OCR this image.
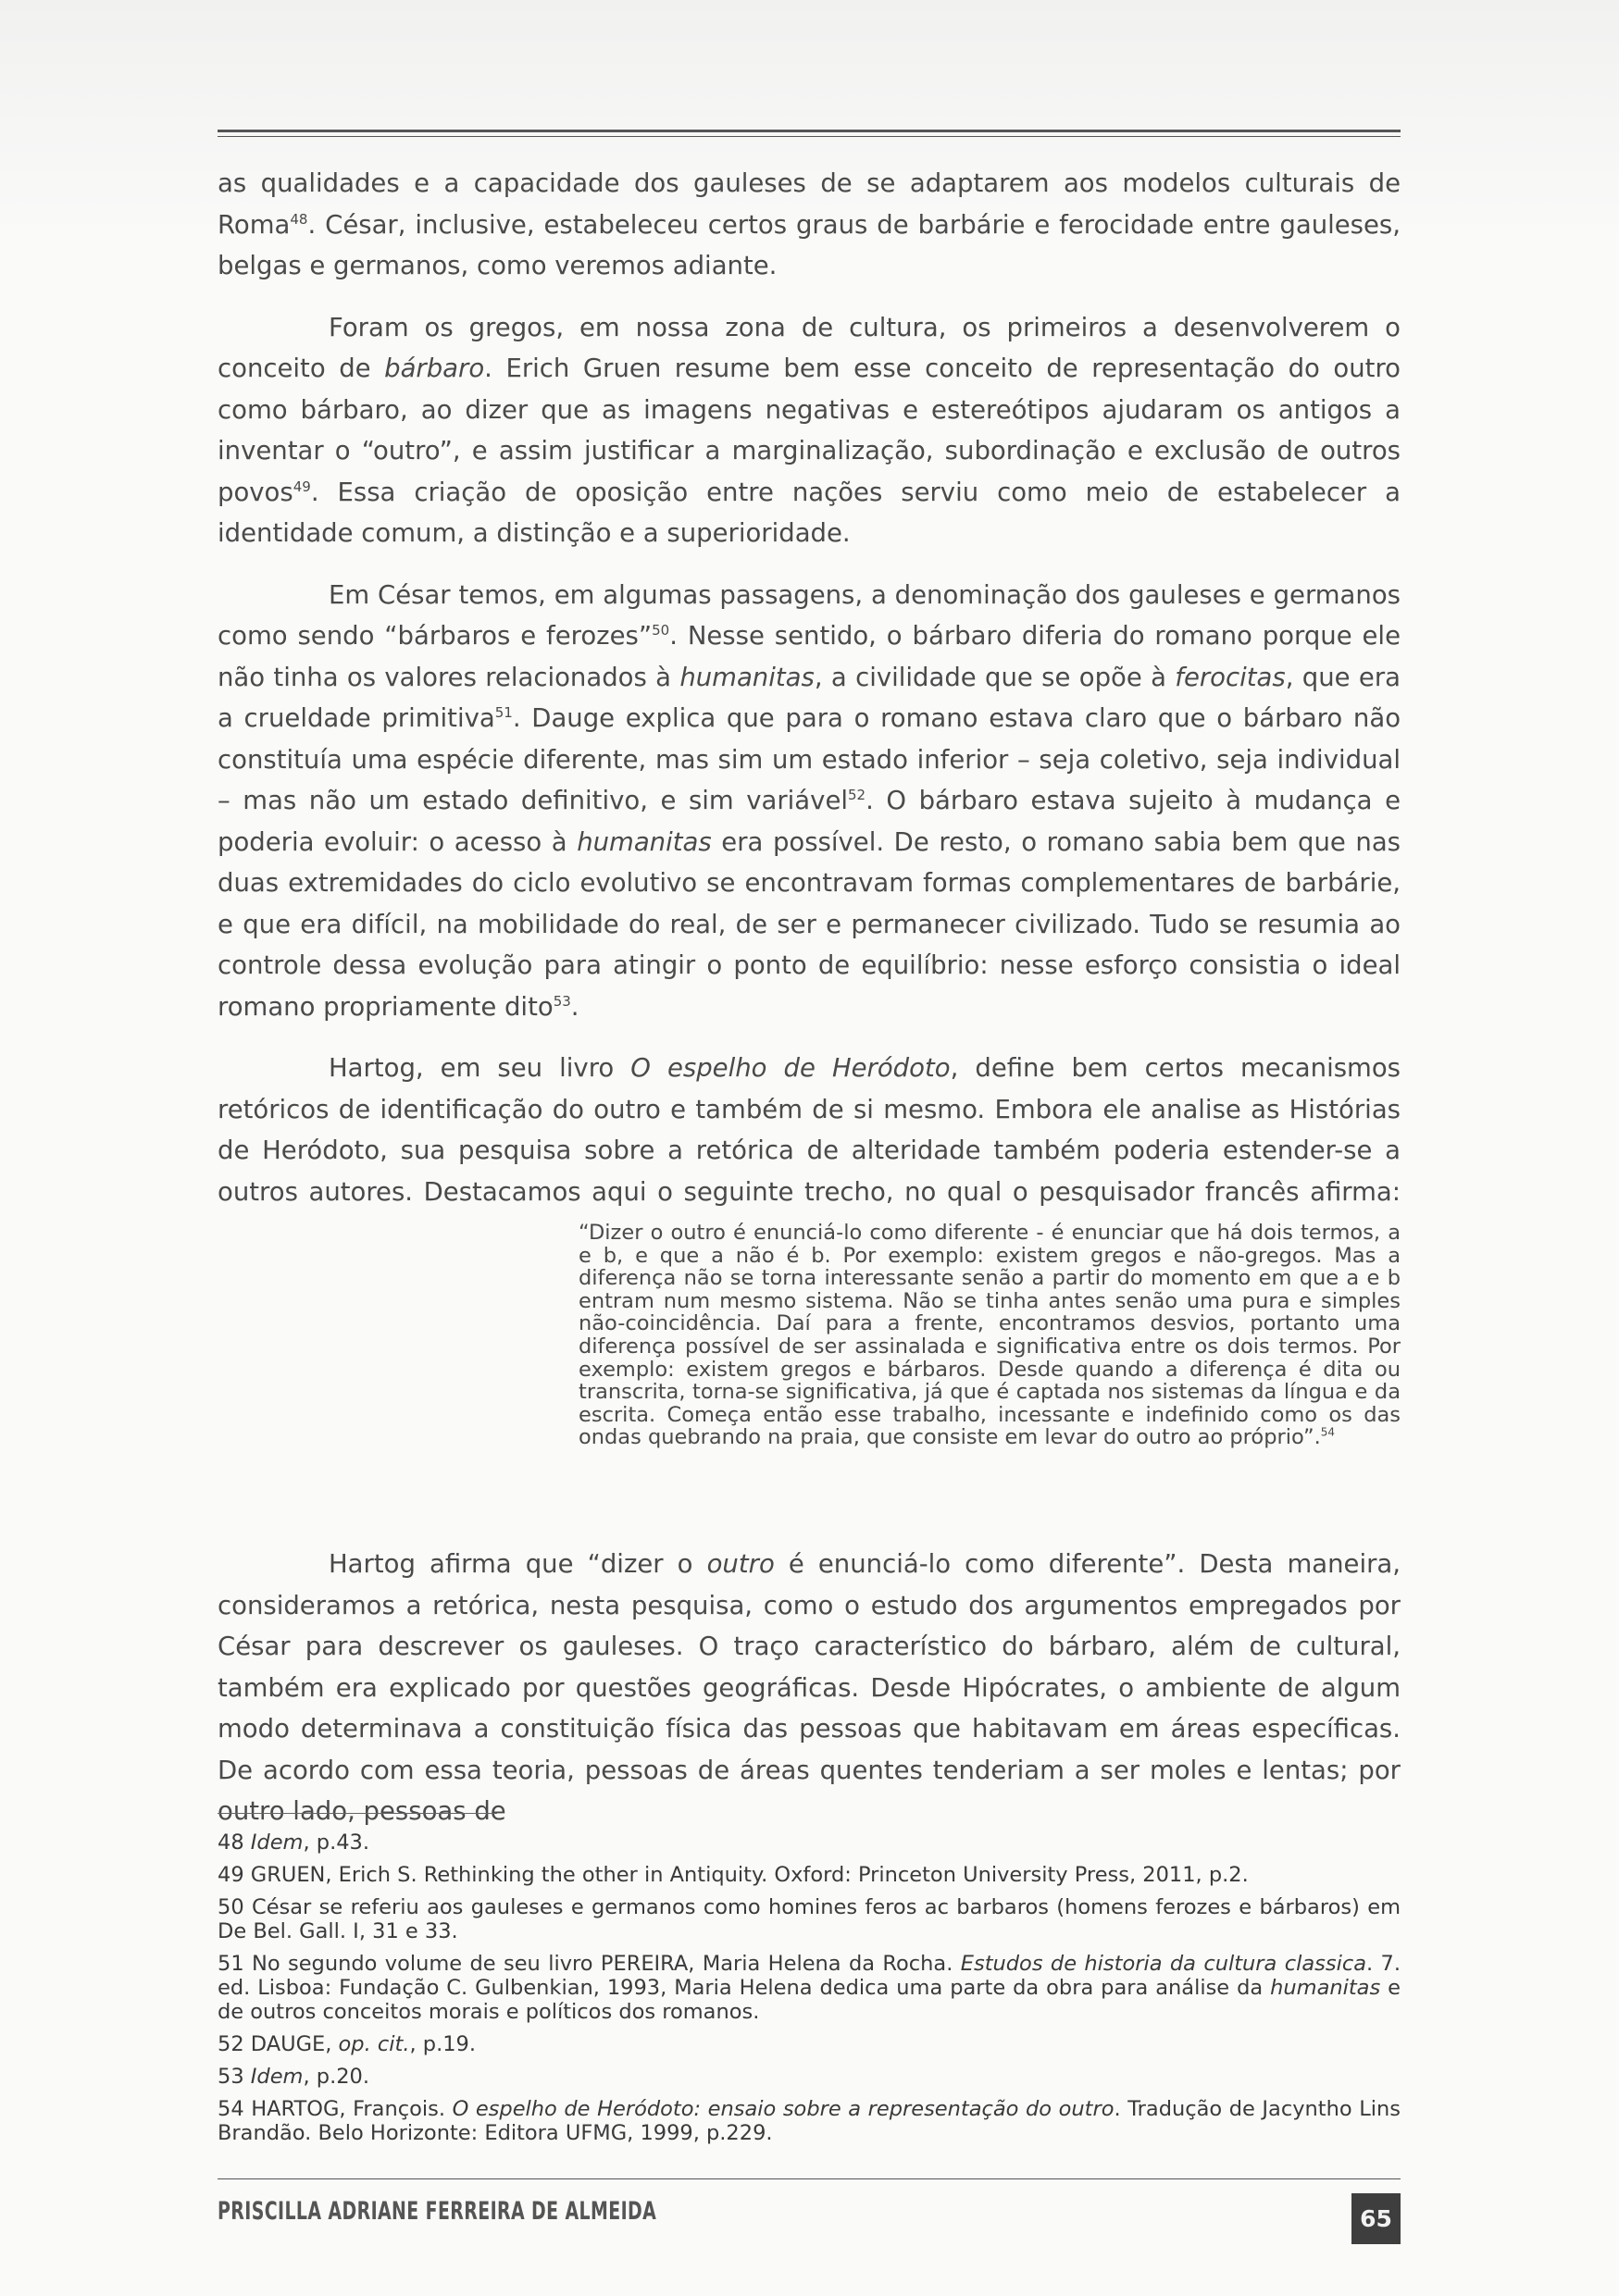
as qualidades e a capacidade dos gauleses de se adaptarem aos modelos culturais de Roma$^{48}$. César, inclusive, estabeleceu certos graus de barbárie e ferocidade entre gauleses, belgas e germanos, como veremos adiante.

Foram os gregos, em nossa zona de cultura, os primeiros a desenvolverem o conceito de bárbaro. Erich Gruen resume bem esse conceito de representação do outro como bárbaro, ao dizer que as imagens negativas e estereótipos ajudaram os antigos a inventar o “outro”, e assim justificar a marginalização, subordinação e exclusão de outros povos$^{49}$. Essa criação de oposição entre nações serviu como meio de estabelecer a identidade comum, a distinção e a superioridade.

Em César temos, em algumas passagens, a denominação dos gauleses e germanos como sendo “bárbaros e ferozes”$^{50}$. Nesse sentido, o bárbaro diferia do romano porque ele não tinha os valores relacionados à humanitas, a civilidade que se opõe à ferocitas, que era a crueldade primitiva$^{51}$. Dauge explica que para o romano estava claro que o bárbaro não constituía uma espécie diferente, mas sim um estado inferior – seja coletivo, seja individual – mas não um estado definitivo, e sim variável$^{52}$. O bárbaro estava sujeito à mudança e poderia evoluir: o acesso à humanitas era possível. De resto, o romano sabia bem que nas duas extremidades do ciclo evolutivo se encontravam formas complementares de barbárie, e que era difícil, na mobilidade do real, de ser e permanecer civilizado. Tudo se resumia ao controle dessa evolução para atingir o ponto de equilíbrio: nesse esforço consistia o ideal romano propriamente dito$^{53}$.

Hartog, em seu livro O espelho de Heródoto, define bem certos mecanismos retóricos de identificação do outro e também de si mesmo. Embora ele analise as Histórias de Heródoto, sua pesquisa sobre a retórica de alteridade também poderia estender-se a outros autores. Destacamos aqui o seguinte trecho, no qual o pesquisador francês afirma:

“Dizer o outro é enunciá-lo como diferente - é enunciar que há dois termos, a e b, e que a não é b. Por exemplo: existem gregos e não-gregos. Mas a diferença não se torna interessante senão a partir do momento em que a e b entram num mesmo sistema. Não se tinha antes senão uma pura e simples não-coincidência. Daí para a frente, encontramos desvios, portanto uma diferença possível de ser assinalada e significativa entre os dois termos. Por exemplo: existem gregos e bárbaros. Desde quando a diferença é dita ou transcrita, torna-se significativa, já que é captada nos sistemas da língua e da escrita. Começa então esse trabalho, incessante e indefinido como os das ondas quebrando na praia, que consiste em levar do outro ao próprio”.$^{54}$

Hartog afirma que “dizer o outro é enunciá-lo como diferente”. Desta maneira, consideramos a retórica, nesta pesquisa, como o estudo dos argumentos empregados por César para descrever os gauleses. O traço característico do bárbaro, além de cultural, também era explicado por questões geográficas. Desde Hipócrates, o ambiente de algum modo determinava a constituição física das pessoas que habitavam em áreas específicas. De acordo com essa teoria, pessoas de áreas quentes tenderiam a ser moles e lentas; por outro lado, pessoas de

48 Idem, p.43.
49 GRUEN, Erich S. Rethinking the other in Antiquity. Oxford: Princeton University Press, 2011, p.2.
50 César se referiu aos gauleses e germanos como homines feros ac barbaros (homens ferozes e bárbaros) em De Bel. Gall. I, 31 e 33.
51 No segundo volume de seu livro PEREIRA, Maria Helena da Rocha. Estudos de historia da cultura classica. 7. ed. Lisboa: Fundação C. Gulbenkian, 1993, Maria Helena dedica uma parte da obra para análise da humanitas e de outros conceitos morais e políticos dos romanos.
52 DAUGE, op. cit., p.19.
53 Idem, p.20.
54 HARTOG, François. O espelho de Heródoto: ensaio sobre a representação do outro. Tradução de Jacyntho Lins Brandão. Belo Horizonte: Editora UFMG, 1999, p.229.
PRISCILLA ADRIANE FERREIRA DE ALMEIDA	65
